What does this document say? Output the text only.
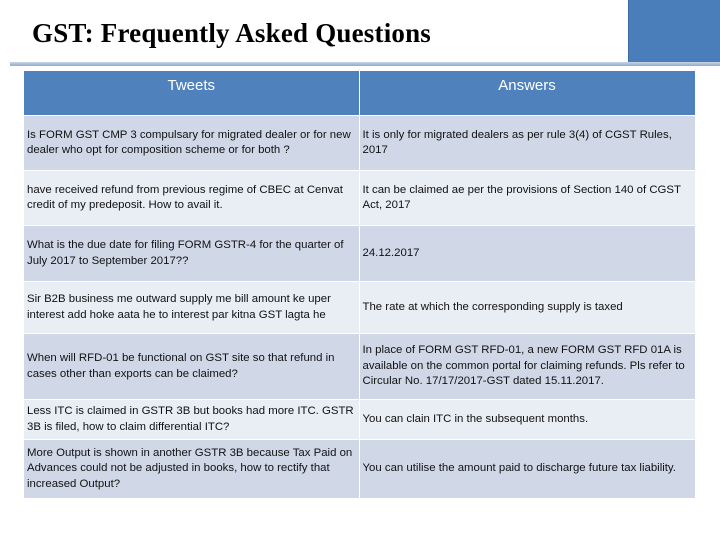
GST: Frequently Asked Questions
Tweets	Answers
Is FORM GST CMP 3 compulsary for migrated dealer or for new dealer who opt for composition scheme or for both ?	It is only for migrated dealers as per rule 3(4) of CGST Rules, 2017
have received refund from previous regime of CBEC at Cenvat credit of my predeposit. How to avail it.	It can be claimed ae per the provisions of Section 140 of CGST Act, 2017
What is the due date for filing FORM GSTR-4 for the quarter of July 2017 to September 2017??	24.12.2017
Sir B2B business me outward supply me bill amount ke uper interest add hoke aata he to interest par kitna GST lagta he	The rate at which the corresponding supply is taxed
When will RFD-01 be functional on GST site so that refund in cases other than exports can be claimed?	In place of FORM GST RFD-01, a new FORM GST RFD 01A is available on the common portal for claiming refunds. Pls refer to Circular No. 17/17/2017-GST dated 15.11.2017.
Less ITC is claimed in GSTR 3B but books had more ITC. GSTR 3B is filed, how to claim differential ITC?	You can clain ITC in the subsequent months.
More Output is shown in another GSTR 3B because Tax Paid on Advances could not be adjusted in books, how to rectify that increased Output?	You can utilise the amount paid to discharge future tax liability.
